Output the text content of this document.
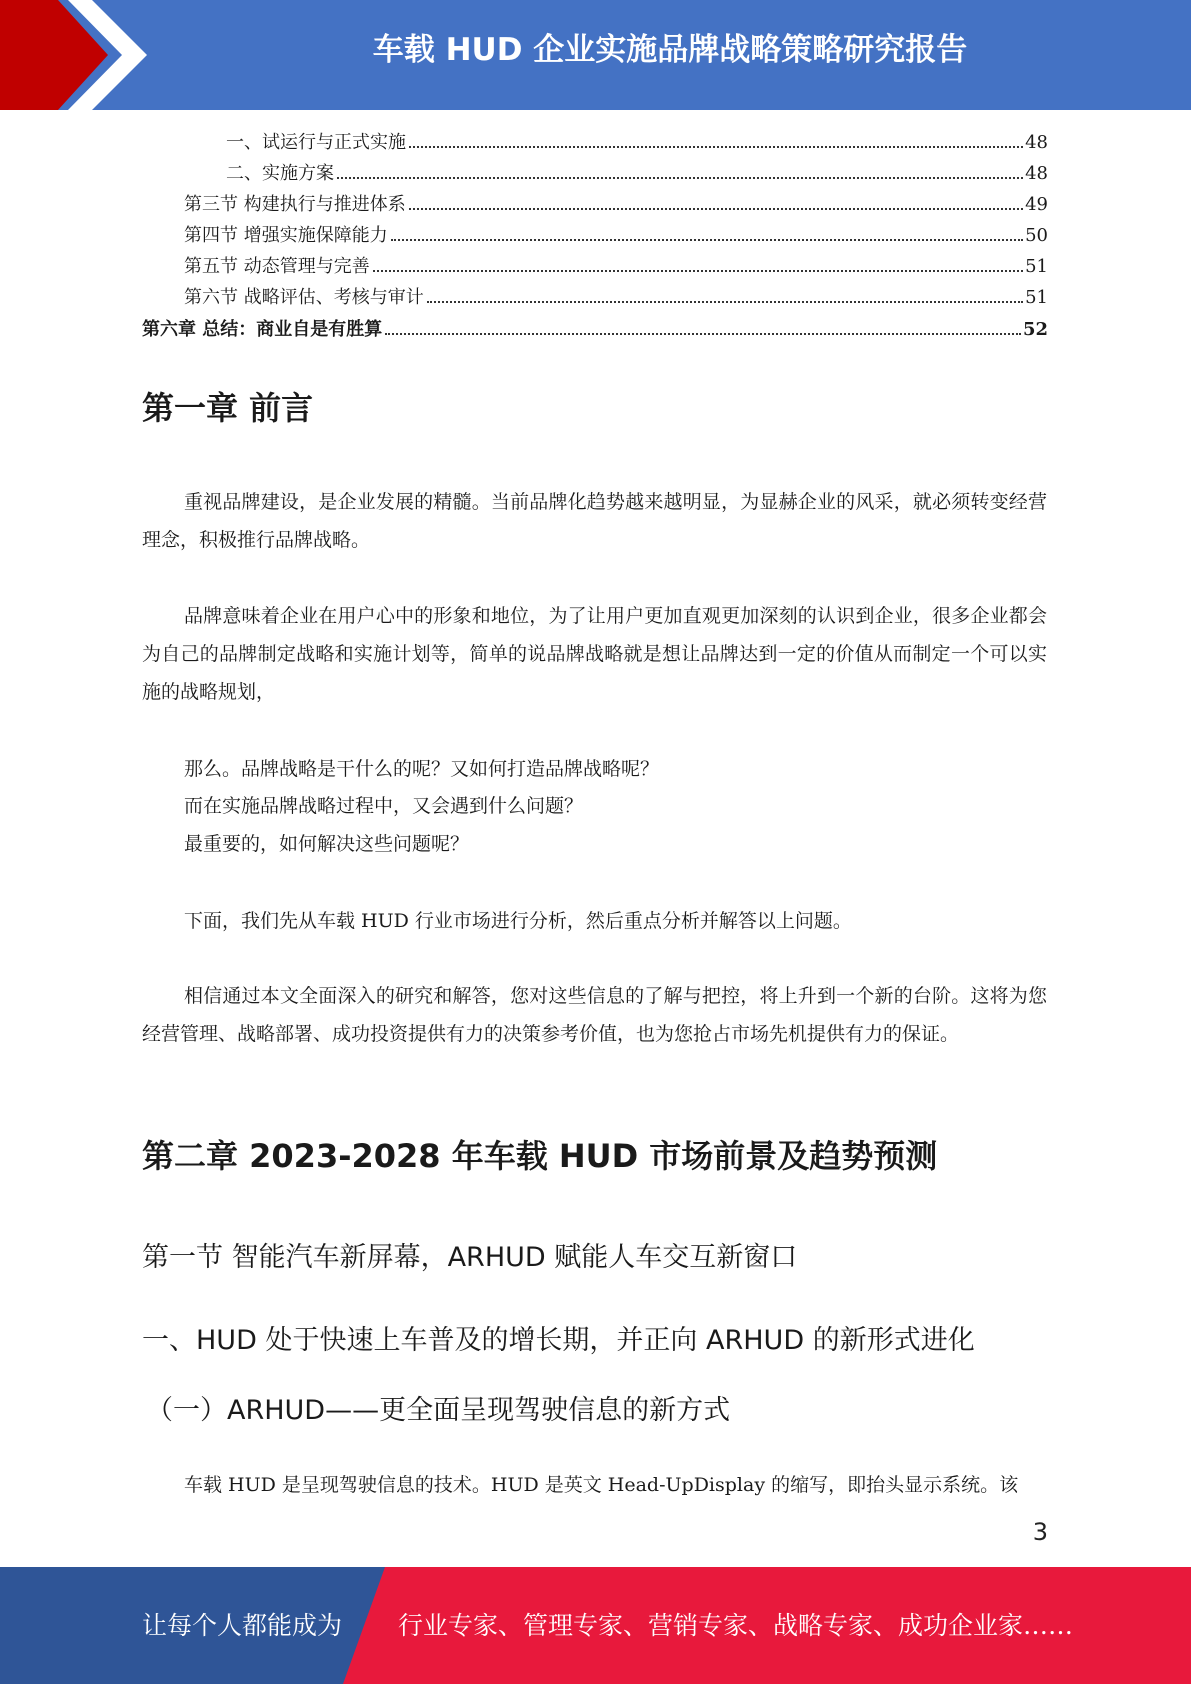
车载 HUD 企业实施品牌战略策略研究报告
一、试运行与正式实施	48
二、实施方案	48
第三节 构建执行与推进体系	49
第四节 增强实施保障能力	50
第五节 动态管理与完善	51
第六节 战略评估、考核与审计	51
第六章 总结：商业自是有胜算	52
第一章 前言
重视品牌建设，是企业发展的精髓。当前品牌化趋势越来越明显，为显赫企业的风采，就必须转变经营理念，积极推行品牌战略。
品牌意味着企业在用户心中的形象和地位，为了让用户更加直观更加深刻的认识到企业，很多企业都会为自己的品牌制定战略和实施计划等，简单的说品牌战略就是想让品牌达到一定的价值从而制定一个可以实施的战略规划，
那么。品牌战略是干什么的呢？又如何打造品牌战略呢？
而在实施品牌战略过程中，又会遇到什么问题？
最重要的，如何解决这些问题呢？
下面，我们先从车载 HUD 行业市场进行分析，然后重点分析并解答以上问题。
相信通过本文全面深入的研究和解答，您对这些信息的了解与把控，将上升到一个新的台阶。这将为您经营管理、战略部署、成功投资提供有力的决策参考价值，也为您抢占市场先机提供有力的保证。
第二章 2023-2028 年车载 HUD 市场前景及趋势预测
第一节 智能汽车新屏幕，ARHUD 赋能人车交互新窗口
一、HUD 处于快速上车普及的增长期，并正向 ARHUD 的新形式进化
（一）ARHUD——更全面呈现驾驶信息的新方式
车载 HUD 是呈现驾驶信息的技术。HUD 是英文 Head-UpDisplay 的缩写，即抬头显示系统。该
3
让每个人都能成为 行业专家、管理专家、营销专家、战略专家、成功企业家……
